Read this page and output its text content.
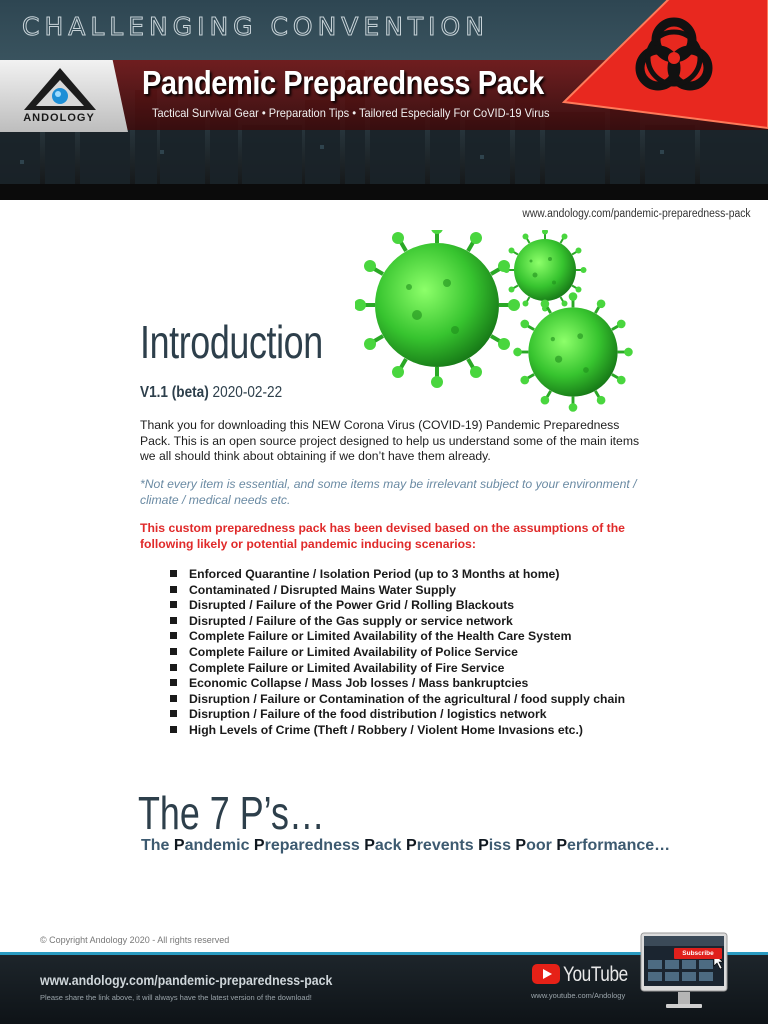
CHALLENGING CONVENTION
ANDOLOGY
Pandemic Preparedness Pack
Tactical Survival Gear • Preparation Tips • Tailored Especially For CoVID-19 Virus
www.andology.com/pandemic-preparedness-pack
Introduction
V1.1 (beta) 2020-02-22

Thank you for downloading this NEW Corona Virus (COVID-19) Pandemic Preparedness Pack. This is an open source project designed to help us understand some of the main items we all should think about obtaining if we don’t have them already.

*Not every item is essential, and some items may be irrelevant subject to your environment / climate / medical needs etc.

This custom preparedness pack has been devised based on the assumptions of the following likely or potential pandemic inducing scenarios:

Enforced Quarantine / Isolation Period (up to 3 Months at home)
Contaminated / Disrupted Mains Water Supply
Disrupted / Failure of the Power Grid / Rolling Blackouts
Disrupted / Failure of the Gas supply or service network
Complete Failure or Limited Availability of the Health Care System
Complete Failure or Limited Availability of Police Service
Complete Failure or Limited Availability of Fire Service
Economic Collapse / Mass Job losses / Mass bankruptcies
Disruption / Failure or Contamination of the agricultural / food supply chain
Disruption / Failure of the food distribution / logistics network
High Levels of Crime (Theft / Robbery / Violent Home Invasions etc.)
The 7 P’s…
The Pandemic Preparedness Pack Prevents Piss Poor Performance…
© Copyright Andology 2020 - All rights reserved
www.andology.com/pandemic-preparedness-pack
Please share the link above, it will always have the latest version of the download!
YouTube
www.youtube.com/Andology
Subscribe
